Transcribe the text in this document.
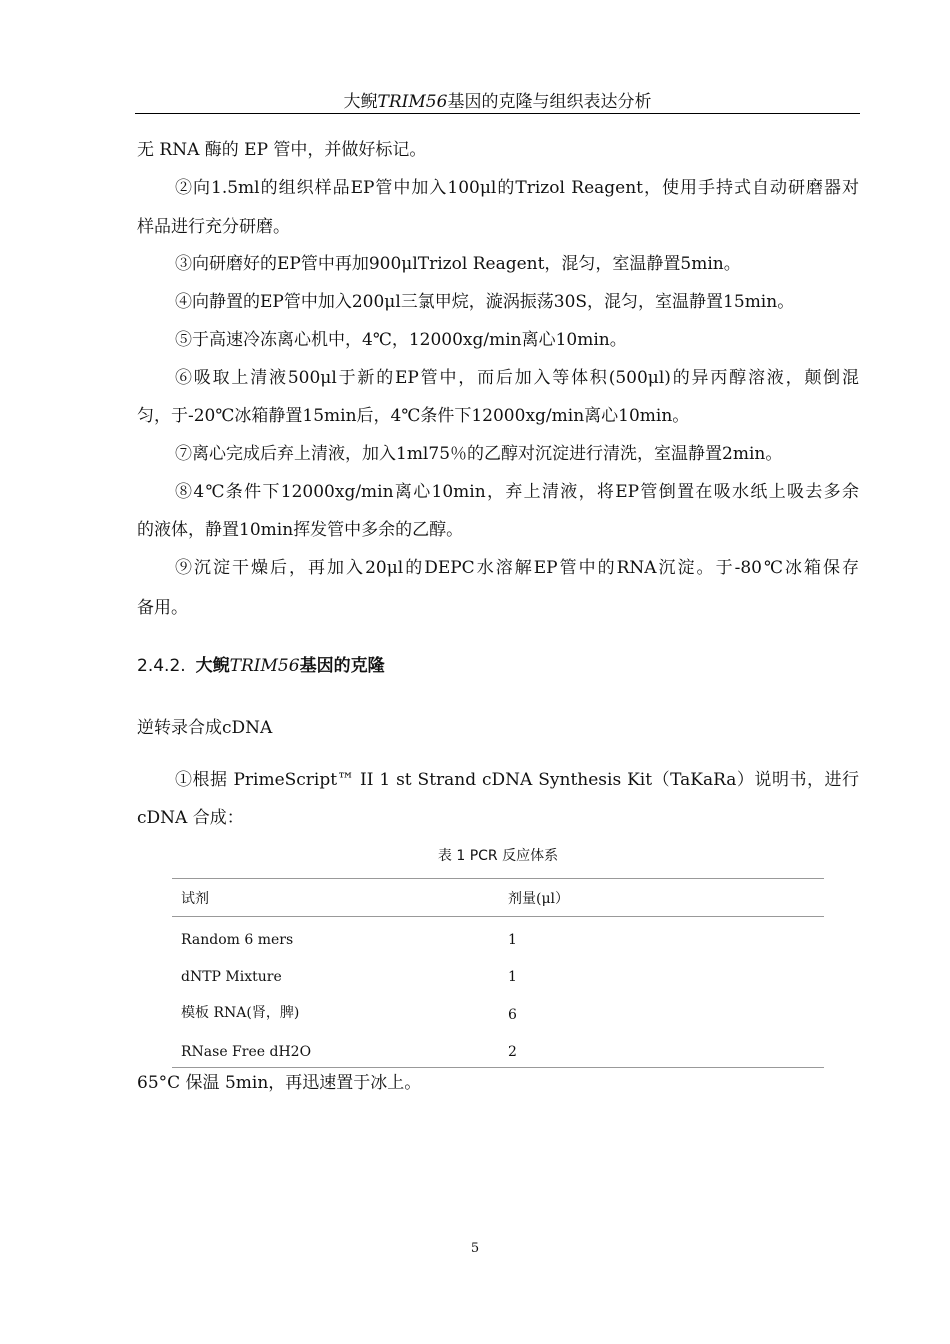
大鲵TRIM56基因的克隆与组织表达分析
无 RNA 酶的 EP 管中，并做好标记。
②向1.5ml的组织样品EP管中加入100μl的Trizol Reagent，使用手持式自动研磨器对
样品进行充分研磨。
③向研磨好的EP管中再加900μlTrizol Reagent，混匀，室温静置5min。
④向静置的EP管中加入200μl三氯甲烷，漩涡振荡30S，混匀，室温静置15min。
⑤于高速冷冻离心机中，4℃，12000xg/min离心10min。
⑥吸取上清液500μl于新的EP管中，而后加入等体积(500μl)的异丙醇溶液，颠倒混
匀，于-20℃冰箱静置15min后，4℃条件下12000xg/min离心10min。
⑦离心完成后弃上清液，加入1ml75％的乙醇对沉淀进行清洗，室温静置2min。
⑧4℃条件下12000xg/min离心10min，弃上清液，将EP管倒置在吸水纸上吸去多余
的液体，静置10min挥发管中多余的乙醇。
⑨沉淀干燥后，再加入20μl的DEPC水溶解EP管中的RNA沉淀。于-80℃冰箱保存
备用。
2.4.2. 大鲵TRIM56基因的克隆
逆转录合成cDNA
①根据 PrimeScript™ II 1 st Strand cDNA Synthesis Kit（TaKaRa）说明书，进行
cDNA 合成：
表 1 PCR 反应体系
试剂	剂量(μl）
Random 6 mers	1
dNTP Mixture	1
模板 RNA(肾，脾)	6
RNase Free dH2O	2
65°C 保温 5min，再迅速置于冰上。
5
